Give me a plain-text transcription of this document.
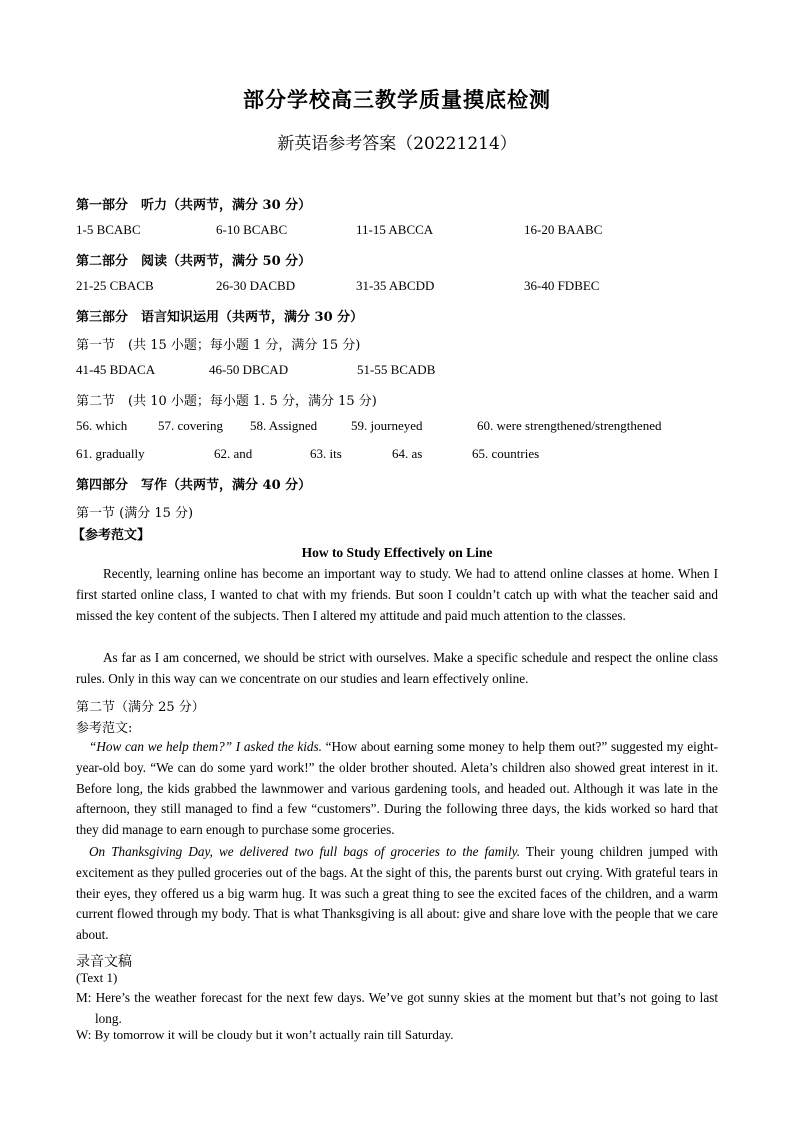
部分学校高三教学质量摸底检测
新英语参考答案（20221214）
第一部分　听力（共两节，满分 30 分）
1-5 BCABC	6-10 BCABC	11-15 ABCCA	16-20 BAABC
第二部分　阅读（共两节，满分 50 分）
21-25 CBACB	26-30 DACBD	31-35 ABCDD	36-40 FDBEC
第三部分　语言知识运用（共两节，满分 30 分）
第一节　(共 15 小题；每小题 1 分，满分 15 分)
41-45 BDACA	46-50 DBCAD	51-55 BCADB
第二节　(共 10 小题；每小题 1. 5 分，满分 15 分)
56. which 57. covering 58. Assigned	59. journeyed	60. were strengthened/strengthened
61. gradually	62. and	63. its	64. as	65. countries
第四部分　写作（共两节，满分 40 分）
第一节 (满分 15 分)
【参考范文】
How to Study Effectively on Line
Recently, learning online has become an important way to study. We had to attend online classes at home. When I first started online class, I wanted to chat with my friends. But soon I couldn’t catch up with what the teacher said and missed the key content of the subjects. Then I altered my attitude and paid much attention to the classes.
As far as I am concerned, we should be strict with ourselves. Make a specific schedule and respect the online class rules. Only in this way can we concentrate on our studies and learn effectively online.
第二节（满分 25 分）
参考范文:
“How can we help them?” I asked the kids. “How about earning some money to help them out?” suggested my eight-year-old boy. “We can do some yard work!” the older brother shouted. Aleta’s children also showed great interest in it. Before long, the kids grabbed the lawnmower and various gardening tools, and headed out. Although it was late in the afternoon, they still managed to find a few “customers”. During the following three days, the kids worked so hard that they did manage to earn enough to purchase some groceries.
On Thanksgiving Day, we delivered two full bags of groceries to the family. Their young children jumped with excitement as they pulled groceries out of the bags. At the sight of this, the parents burst out crying. With grateful tears in their eyes, they offered us a big warm hug. It was such a great thing to see the excited faces of the children, and a warm current flowed through my body. That is what Thanksgiving is all about: give and share love with the people that we care about.
录音文稿
(Text 1)
M: Here’s the weather forecast for the next few days. We’ve got sunny skies at the moment but that’s not going to last long.
W: By tomorrow it will be cloudy but it won’t actually rain till Saturday.
